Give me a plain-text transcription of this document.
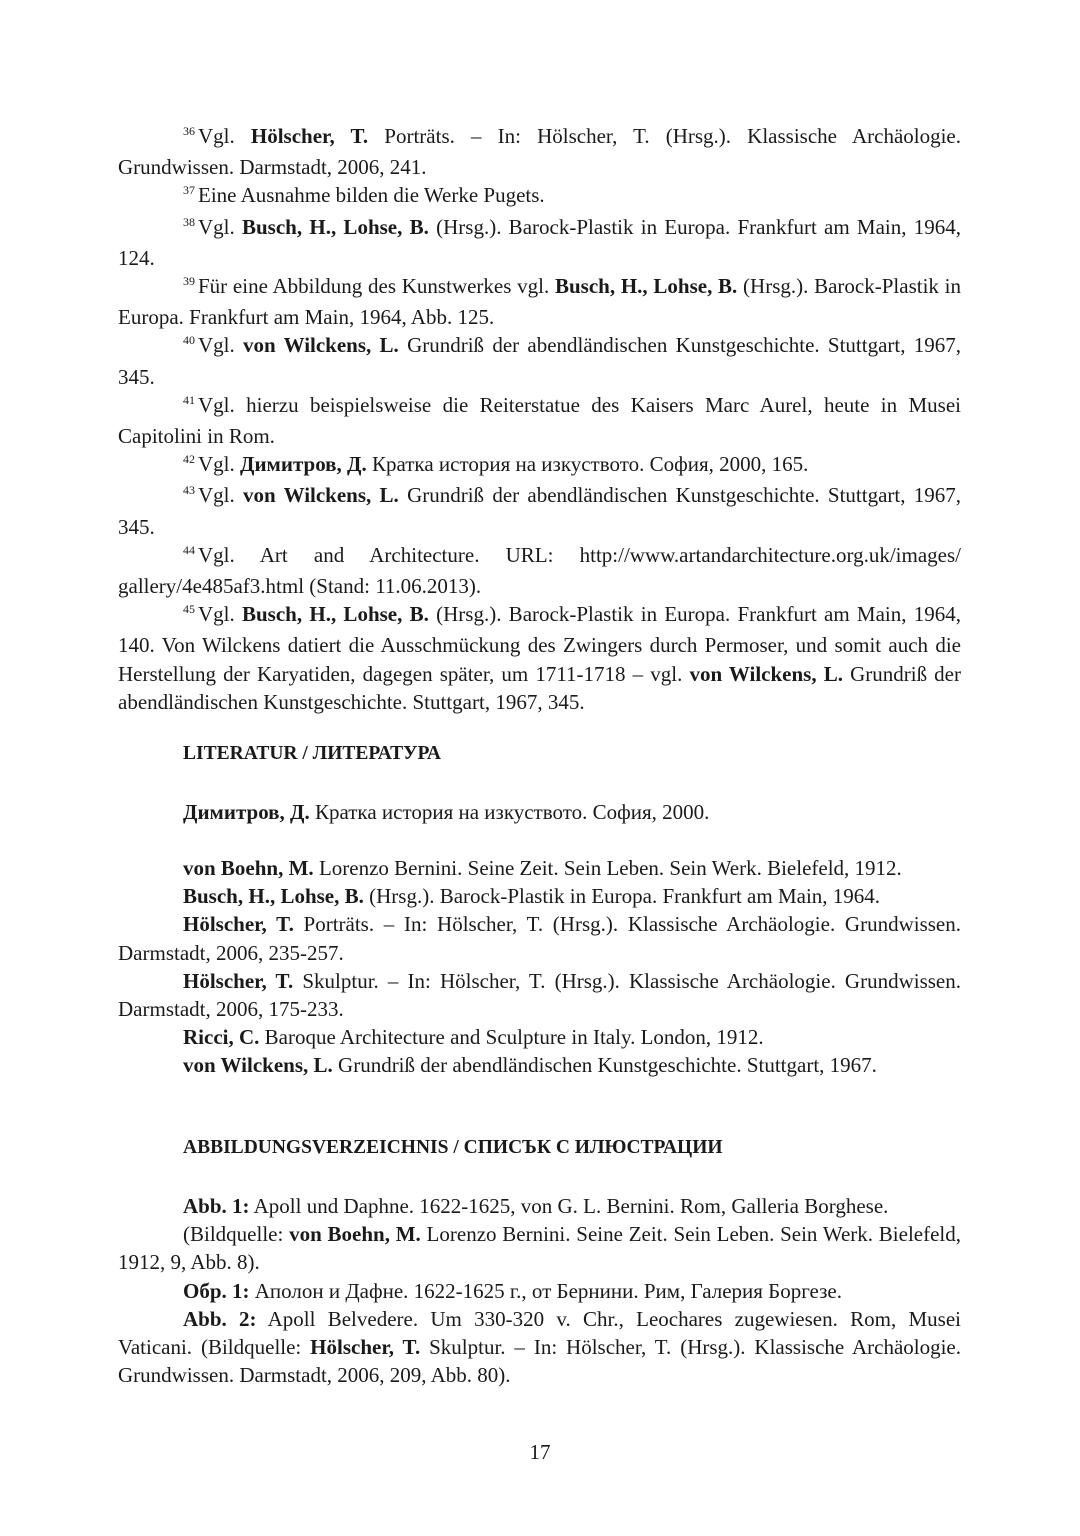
$^{36}$ Vgl. Hölscher, T. Porträts. – In: Hölscher, T. (Hrsg.). Klassische Archäologie. Grundwissen. Darmstadt, 2006, 241.

$^{37}$ Eine Ausnahme bilden die Werke Pugets.

$^{38}$ Vgl. Busch, H., Lohse, B. (Hrsg.). Barock-Plastik in Europa. Frankfurt am Main, 1964, 124.

$^{39}$ Für eine Abbildung des Kunstwerkes vgl. Busch, H., Lohse, B. (Hrsg.). Barock-Plastik in Europa. Frankfurt am Main, 1964, Abb. 125.

$^{40}$ Vgl. von Wilckens, L. Grundriß der abendländischen Kunstgeschichte. Stuttgart, 1967, 345.

$^{41}$ Vgl. hierzu beispielsweise die Reiterstatue des Kaisers Marc Aurel, heute in Musei Capitolini in Rom.

$^{42}$ Vgl. Димитров, Д. Кратка история на изкуството. София, 2000, 165.

$^{43}$ Vgl. von Wilckens, L. Grundriß der abendländischen Kunstgeschichte. Stuttgart, 1967, 345.

$^{44}$ Vgl. Art and Architecture. URL: http://www.artandarchitecture.org.uk/images/ gallery/4e485af3.html (Stand: 11.06.2013).

$^{45}$ Vgl. Busch, H., Lohse, B. (Hrsg.). Barock-Plastik in Europa. Frankfurt am Main, 1964, 140. Von Wilckens datiert die Ausschmückung des Zwingers durch Permoser, und somit auch die Herstellung der Karyatiden, dagegen später, um 1711-1718 – vgl. von Wilckens, L. Grundriß der abendländischen Kunstgeschichte. Stuttgart, 1967, 345.

LITERATUR / ЛИТЕРАТУРА

Димитров, Д. Кратка история на изкуството. София, 2000.

von Boehn, M. Lorenzo Bernini. Seine Zeit. Sein Leben. Sein Werk. Bielefeld, 1912.

Busch, H., Lohse, B. (Hrsg.). Barock-Plastik in Europa. Frankfurt am Main, 1964.

Hölscher, T. Porträts. – In: Hölscher, T. (Hrsg.). Klassische Archäologie. Grundwissen. Darmstadt, 2006, 235-257.

Hölscher, T. Skulptur. – In: Hölscher, T. (Hrsg.). Klassische Archäologie. Grundwissen. Darmstadt, 2006, 175-233.

Ricci, C. Baroque Architecture and Sculpture in Italy. London, 1912.

von Wilckens, L. Grundriß der abendländischen Kunstgeschichte. Stuttgart, 1967.

ABBILDUNGSVERZEICHNIS / СПИСЪК С ИЛЮСТРАЦИИ

Abb. 1: Apoll und Daphne. 1622-1625, von G. L. Bernini. Rom, Galleria Borghese.

(Bildquelle: von Boehn, M. Lorenzo Bernini. Seine Zeit. Sein Leben. Sein Werk. Bielefeld, 1912, 9, Abb. 8).

Обр. 1: Аполон и Дафне. 1622-1625 г., от Бернини. Рим, Галерия Боргезе.

Abb. 2: Apoll Belvedere. Um 330-320 v. Chr., Leochares zugewiesen. Rom, Musei Vaticani. (Bildquelle: Hölscher, T. Skulptur. – In: Hölscher, T. (Hrsg.). Klassische Archäologie. Grundwissen. Darmstadt, 2006, 209, Abb. 80).

17
